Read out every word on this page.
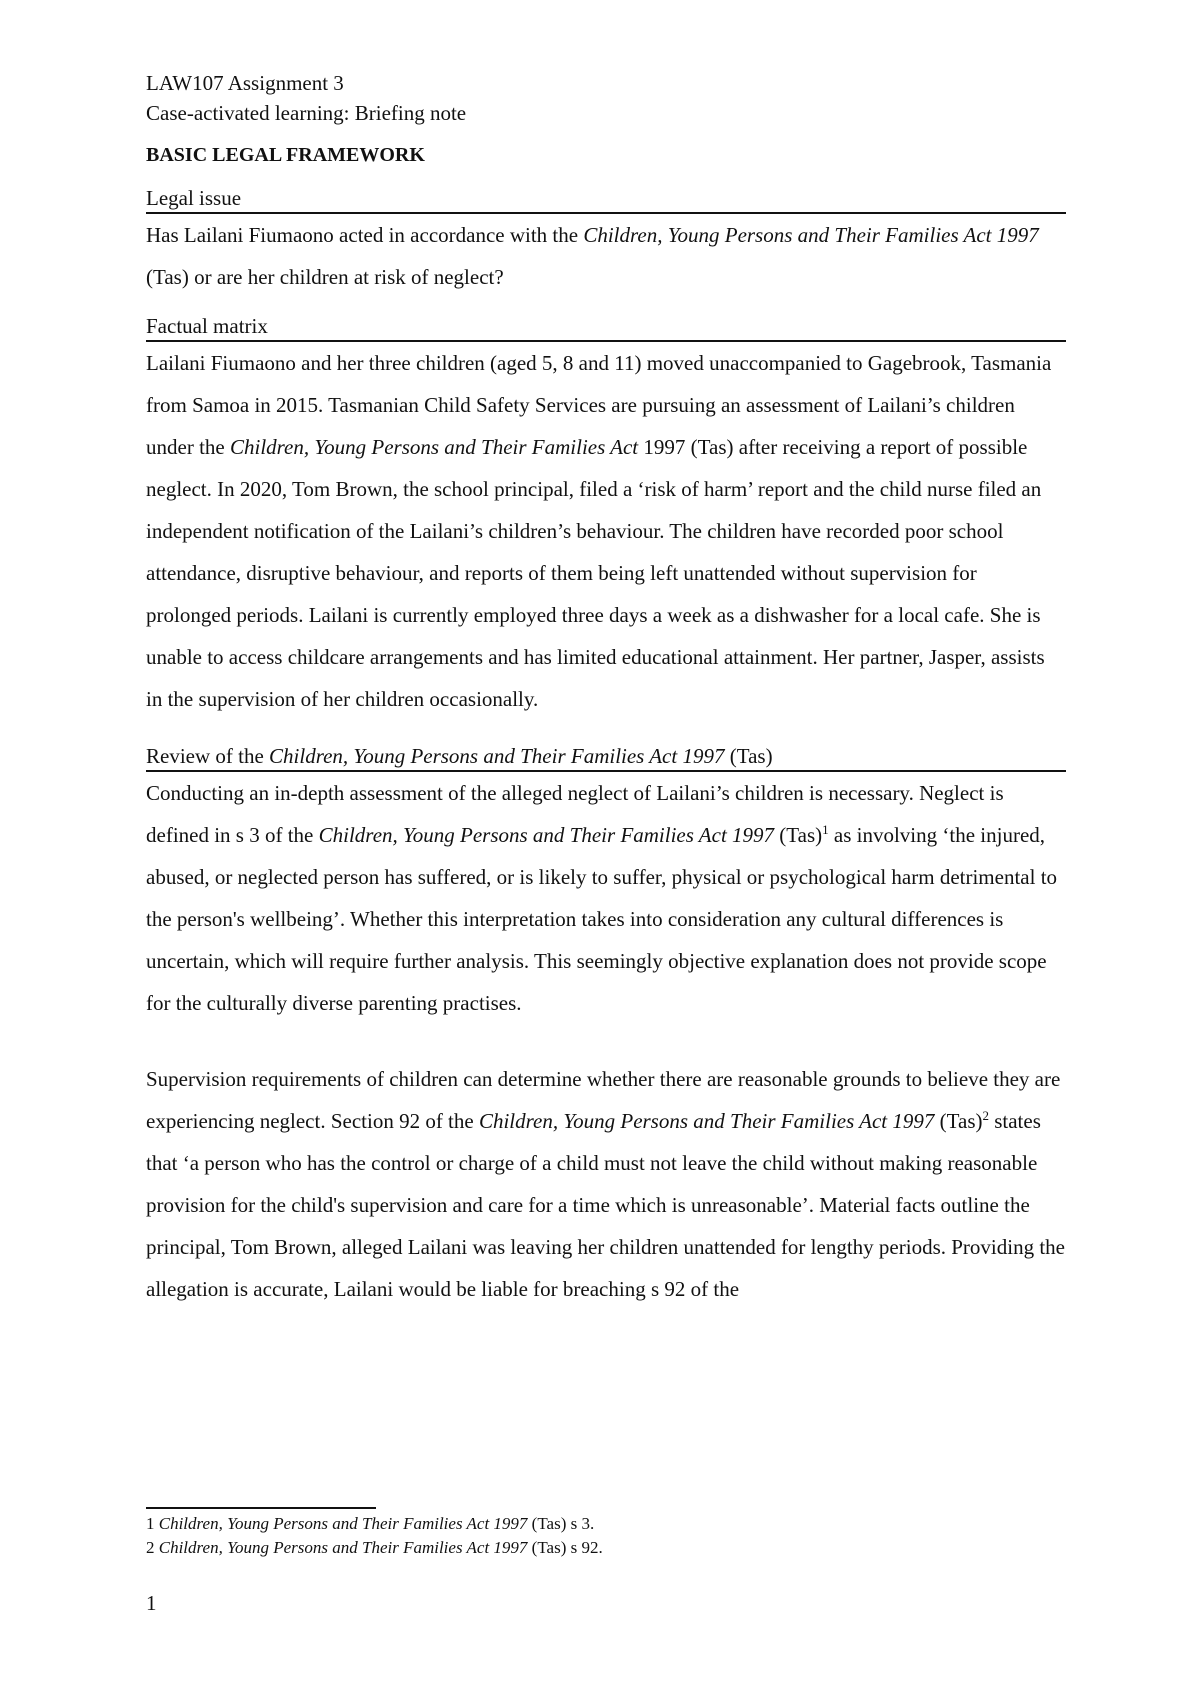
LAW107 Assignment 3
Case-activated learning: Briefing note
BASIC LEGAL FRAMEWORK
Legal issue

Has Lailani Fiumaono acted in accordance with the Children, Young Persons and Their Families Act 1997 (Tas) or are her children at risk of neglect?

Factual matrix

Lailani Fiumaono and her three children (aged 5, 8 and 11) moved unaccompanied to Gagebrook, Tasmania from Samoa in 2015. Tasmanian Child Safety Services are pursuing an assessment of Lailani’s children under the Children, Young Persons and Their Families Act 1997 (Tas) after receiving a report of possible neglect. In 2020, Tom Brown, the school principal, filed a ‘risk of harm’ report and the child nurse filed an independent notification of the Lailani’s children’s behaviour. The children have recorded poor school attendance, disruptive behaviour, and reports of them being left unattended without supervision for prolonged periods. Lailani is currently employed three days a week as a dishwasher for a local cafe. She is unable to access childcare arrangements and has limited educational attainment. Her partner, Jasper, assists in the supervision of her children occasionally.

Review of the Children, Young Persons and Their Families Act 1997 (Tas)

Conducting an in-depth assessment of the alleged neglect of Lailani’s children is necessary. Neglect is defined in s 3 of the Children, Young Persons and Their Families Act 1997 (Tas)$^1$ as involving ‘the injured, abused, or neglected person has suffered, or is likely to suffer, physical or psychological harm detrimental to the person's wellbeing’. Whether this interpretation takes into consideration any cultural differences is uncertain, which will require further analysis. This seemingly objective explanation does not provide scope for the culturally diverse parenting practises.

Supervision requirements of children can determine whether there are reasonable grounds to believe they are experiencing neglect. Section 92 of the Children, Young Persons and Their Families Act 1997 (Tas)$^2$ states that ‘a person who has the control or charge of a child must not leave the child without making reasonable provision for the child's supervision and care for a time which is unreasonable’. Material facts outline the principal, Tom Brown, alleged Lailani was leaving her children unattended for lengthy periods. Providing the allegation is accurate, Lailani would be liable for breaching s 92 of the

1 Children, Young Persons and Their Families Act 1997 (Tas) s 3.
2 Children, Young Persons and Their Families Act 1997 (Tas) s 92.
1
